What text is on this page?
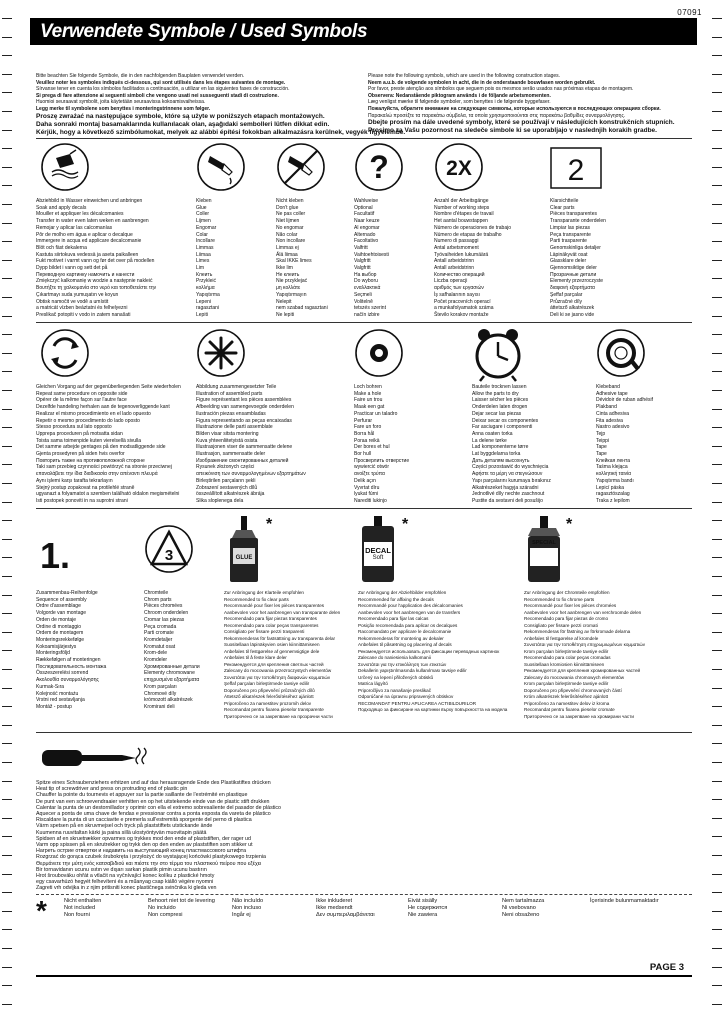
07091
Verwendete Symbole / Used Symbols

Bitte beachten Sie folgende Symbole, die in den nachfolgenden Bauplaten verwendet werden.

Veuillez noter les symboles indiqués ci-dessous, qui sont utilisés dans les étapes suivantes de montage.

Sírvanse tener en cuenta los símbolos facilitados a continuación, a utilizar en las siguientes fases de construcción.

Si prega di fare attenzione ai seguenti simboli che vengono usati nei susseguenti stadi di costruzione.

Huomioi seuraavat symbolit, joita käytetään seuraavissa kokoamisvaiheissa.

Legg merke til symbolene som benyttes i monteringstrinnene som følger.

Proszę zwrażać na następujące symbole, które są użyte w poniższych etapach montażowych.

Daha sonraki montaj basamaklarında kullanılacak olan, aşağıdaki sembolleri lütfen dikkat edin.

Kérjük, hogy a következő szimbólumokat, melyek az alábbi építési fokokban alkalmazásra kerülnek, vegyék figyelembe.

Please note the following symbols, which are used in the following construction stages.

Neem a.u.b. de volgende symbolen in acht, die in de onderstaande bouwfasen worden gebruikt.

Por favor, preste atenção aos símbolos que seguem pois os mesmos serão usados nas próximas etapas de montagem.

Observera: Nedanstående piktogram används i de följande arbetsmomenten.

Læg venligst mærke til følgende symboler, som benyttes i de følgende byggefaser.

Пожалуйста, обратите внимание на следующие символы, которые используются в последующих операциях сборки.

Παρακαλώ προσέξτε τα παρακάτω σύμβολα, τα οποία χρησιμοποιούνται στις παρακάτω βαθμίδες συναρμολόγησης.

Dbejte prosím na dále uvedené symboly, které se používají v následujících konstrukčních stupních.

Prosimo za Vašu pozornost na sledeče simbole ki se uporabljajo v naslednjih korakih gradbe.

?	2X	2
Abziehbild in Wasser einweichen und anbringen
Soak and apply decals
Mouiller et appliquer les décalcomanies
Transfer in water even laten weken en aanbrengen
Remojar y aplicar las calcomanías
Pôr de molho em água e aplicar o decalque
Immergere in acqua ed applicare decalcomanie
Blöt och fäst dekalerna
Kastuta siirtokuva vedessä ja aseta paikalleen
Fukt motivet i varmt vann og før det over på modellen
Dypp bildet i vann og sett det på
Переводную картинку намочить и нанести
Zmiękczyć kalkomanię w wodzie a następnie nakleić
Βουτήξτε τη χαλκομανία στο νερό και τοποθετείστε την
Çıkartmayı suda yumuşatın ve koyun
Obtisk namočit ve vodě a umístit
a matricát vízben beáztatni és felhelyezni
Preslikač potopiti v vodo in zatem nanašati
Kleben
Glue
Coller
Lijmen
Engomar
Colar
Incollare
Limmas
Liimaa
Limes
Lim
Клеить
Przykleić
κολλήμα
Yapıştırma
Lepeni
ragasztani
Lepiti
Nicht kleben
Don't glue
Ne pas coller
Niet lijmen
No engomar
Não colar
Non incollare
Limmas ej
Älä liimaa
Skal IKKE limes
Ikke lim
Не клеить
Nie przyklejać
μη κολλάτε
Yapıştırmayın
Nelepit
nem szabad ragasztani
Ne lepiti
Wahlweise
Optional
Facultatif
Naar keuze
Al engomar
Alternado
Facoltativo
Valfritt
Vaihtoehtoisesti
Valgfritt
Valgfritt
На выбор
Do wyboru
εναλλακτικά
Seçmeli
Volitelně
tetszés szerint
načín izbire
Anzahl der Arbeitsgänge
Number of working steps
Nombre d'étapes de travail
Het aantal bouwstappen
Número de operaciones de trabajo
Número de etapas de trabalho
Numero di passaggi
Antal arbetsmoment
Työvaiheiden lukumäärä
Antall arbeidstrinn
Antall arbeidstrinn
Количество операций
Liczba operacji
αριθμός των εργασιών
İş safhalarının sayısı
Počet pracovních operací
a munkafolyamatok száma
Število korakov montaže
Klarsichtteile
Clear parts
Pièces transparentes
Transparante onderdelen
Limpiar las piezas
Peça transparente
Parti trasparente
Genomskinliga detaljer
Läpinäkyvät osat
Glassklare deler
Gjennomsiktige deler
Прозрачные детали
Elementy przezroczyste
διαφανή εξαρτήματα
Şeffaf parçalar
Průzračné díly
áttetsző alkatrészek
Deli ki se jasno vide
Gleichen Vorgang auf der gegenüberliegenden Seite wiederholen
Repeat same procedure on opposite side
Opérer de la même façon sur l'autre face
Dezelfde handeling herhalen aan de tegenoverliggende kant
Realizar el mismo procedimiento en el lado opuesto
Repetir o mesmo procedimento do lado oposto
Stesso procedura sul lato opposto
Upprepa proceduren på motsatta sidan
Toista sama toimenpide kuten vierelsellä sivulla
Det samme arbejde gentages på den modsatliggende side
Gjenta prosedyren på siden hvis overfor
Повторить также на противоположной стороне
Taki sam przebieg czynności powtórzyć na stronie przeciwnej
επαναλάβετε την ίδια διαδικασία στην απέναντι πλευρά
Aynı işlemi karşı tarafta tekrarlayın
Stejný postup zopakovat na protilehlé straně
ugyanazt a folyamatot a szemben található oldalon megismételni
Isti postopek ponoviti in na suprotni strani
Abbildung zusammengesetzter Teile
Illustration of assembled parts
Figure représentant les pièces assemblées
Afbeelding van samengevoegde onderdelen
Ilustración piezas ensambladas
Figura representando as peças encaixadas
Illustrazione delle parti assemblate
Bilden visar sitsta montering
Kuva yhteenliitetyistä osista
Illustrasjonen viser de sammensatte delene
Illustrasjon, sammensatte deler
Изображение смонтированных деталей
Rysunek złożonych części
απεικόνιση των συναρμολογημένων εξαρτημάτων
Birleştirilen parçaların şekli
Zobrazení sestavených dílů
összeállított alkatrészek ábrája
Slika sloplenega dela
Loch bohren
Make a hole
Faire un trou
Maak een gat
Practicar un taladro
Perfurar
Fare un foro
Borra hål
Poraa reikä
Der bores et hul
Bor hull
Просверлить отверстие
wywiercić otwór
ανοίξτε τρύπα
Delik açın
Vyvrtat díru
lyukat fúrni
Narediti lukinjo
Bauteile trocknen lassen
Allow the parts to dry
Laisser sécher les pièces
Onderdelen laten drogen
Dejar secar las piezas
Deixar secar os componentes
Far asciugare i componenti
Anna osaten torka
La delene tørke
Lad komponenterne tørre
Lat byggdelarna torka
Дать деталям высохнуть
Części pozostawić do wyschnięcia
Αφήστε τα μέρη να στεγνώσουν
Yapı parçalarını kurumaya bırakınız
Alkatrészeket hagyja száradni
Jednotlivé díly nechte zaschnout
Pustite da sestavni deli posušijo
Klebeband
Adhesive tape
Dévidoir de ruban adhésif
Plakband
Cinta adhesiva
Fita adesiva
Nastro adesivo
Tejp
Teippi
Tape
Tape
Клейкая лента
Taśma klejąca
κολλητική ταινία
Yapıştırma bandı
Lepicí páska
ragasztószalag
Traka z lepilom
1.	3	GLUE
*
DECAL
Soft
*
SPECIAL
*
Zusammenbau-Reihenfolge
Sequence of assembly
Ordre d'assemblage
Volgorde van montage
Orden de montaje
Ordine di montaggio
Ordem de montagem
Monteringsrekkefølge
Kokoamisjärjestys
Monteringsföljd
Rækkefølgen af monteringen
Последовательность монтажа
Òsszeszerelési sorrend
Ακολουθία συναρμολόγησης
Kurmak-Sıra
Kolejność montażu
Vrstni red sestavljanja
Montáž - postup
Chromteile
Chrom parts
Pièces chromées
Chroom onderdelen
Cromar las piezas
Peça cromada
Parti cromate
Kromdetaljer
Kromatut osat
Krom-dele
Kromdeler
Хромированные детали
Elementy chromowane
επιχρυσμένα εξαρτήματα
Krom parçaları
Chromové díly
krómozott alkatrészek
Kromirani deli
Zur Anbringung der Klarteile empfohlen
Recommended to fix clear parts
Recommandé pour fixer les pièces transparentes
Aanbevolen voor het aanbrengen van transparante delen
Recomendado para fijar piezas transparentes
Recomendado para colar peças transparentes
Consigliato per fissare pezzi trasparenti
Rekommenderas för fastsättning av transparenta delar
Suositellaan läpinäkyvien osien kiinnittämiseen
Anbefales til festgørelse af gennemsigtige dele
Anbefales til å feste klare deler
Рекомендуется для крепления светлых частей
Zalecany do mocowania przezroczystych elementów
Συνιστάται για την τοποθέτηση διαφανών κομματιών
Şeffaf parçaları birleştirmede tavsiye edilir
Doporučeno pro připevnění průzračných dílů
Áttetsző alkatrészek felerősítéséhez ajánlott
Priporočeno za namestitev prozornih delov
Recomandat pentru fixarea pieselor transparente
Приторочено се за закрепване на прозрачни части
Zur Anbringung der Abziehbilder empfohlen
Recommended for affixing the decals
Recommandé pour l'application des décalcomanies
Aanbevolen voor het aanbrengen van de transfers
Recomendado para fijar las calcas
Posição recomendada para aplicar os decalques
Raccomandato per applicare le decalcomanie
Rekommenderas för montering av dekaler
Anbefales til påsætning og placering af decals
Рекомендуется использовать для фиксации переводных картинок
Zalecane do naniesienia kalkomanii
Συνιστάται για την επικόλληση των ετικετών
Dekallerin yapıştırılmasında kullanılması tavsiye edilir
Určený na lepení přiložených obtisků
Matrica lágyító
Priporočljivo za nanašanje preslikač
Odporúčané na úpravnu pripravených obtiskov
RECOMANDAT PENTRU APLICAREA ACTIBILDURILOR
Подходящо за фиксиране на картинки върху повърхността на модела
Zur Anbringung der Chromteile empfohlen
Recommended to fix chrome parts
Recommandé pour fixer les pièces chromées
Aanbevolen voor het aanbrengen van verchroomde delen
Recomendado para fijar piezas de cromo
Consigliato per fissare pezzi cromati
Rekommenderas för fästning av förkromade delarna
Anbefales til festgørelse af kromdele
Συνιστάται για την τοποθέτηση επιχρωμιωμένων κομματιών
Krom parçaları birleştirmede tavsiye edilir
Recomendado para colar peças cromadas
Suositellaan kromiosien kiinnittämiseen
Рекомендуется для крепления хромированных частей
Zalecany do mocowania chromowych elementów
Krom parçaları birleştirmede tavsiye edilir
Doporučeno pro připevnění chromovaných částí
Króm alkatrészek felerősítéséhez ajánlott
Priporočeno za namestitev delov iz kroma
Recomandat pentru fixarea pieselor cromate
Приторочено се за закрепване на хромирани части
Spitze eines Schraubenziehers erhitzen und auf das herausragende Ende des Plastikstiftes drücken
Heat tip of screwdriver and press on protruding end of plastic pin
Chauffer la pointe du tournevis et appuyer sur la partie saillante de l'extrémité en plastique
De punt van een schroevendraaier verhitten en op het uitstekende einde van de plastic stift drukken
Calentar la punta de un destornillador y oprimir con ella el extremo sobresaliente del pasador de plástico
Aquecer a ponta de uma chave de fendas e pressionar contra a ponta exposta da vareta de plástico
Riscaldare la punta di un cacciavite e premerla sull'estremità sporgente del perno di plastica
Värm spetsen på en skruvmejsel och tryck på plaststiftets utstickande ände
Kuumenna ruuvitaltan kärki ja paina sillä ulostyöntyvän muovitapin päätä
Spidsen af en skruetrækker opvarmes og trykkes mod den ende af plaststiften, der rager ud
Varm opp spissen på en skrutrekker og trykk den op den enden av plaststiften som stikker ut
Нагреть острие отвертки и надавить на выступающий конец пластмассового штифта
Rozgrzać do gorąca czubek śrubokręta i przyłożyć do wystającej końcówki plastykowego trzpienia
Θερμάνετε την μύτη ενός κατσαβιδιού και πιέστε την στο τέρμα του πλαστικού πείρου που εξέχει
Bir tornavidanın ucunu ısıtın ve dışarı sarkan plastik pimin ucunu bastırın
Hrot šroubováku ohřát a vtlačit na vyčnívající konec kolíku z plastické hmoty
egy csavarhúzó hegyét felhevíteni és a műanyag csap kiálló végére nyomni
Zagreti vrh odvijka in z njim pritisniti konec plastičnega svinčnika ki gleda ven
*	Nicht enthalten
Not included
Non fourni
Behoort niet tot de levering
No incluido
Non compresi
Não incluído
Non incluso
Ingår ej
Ikke inkluderet
Ikke medsendt
Δεν συμπεριλαμβάνεται
Eivät sisälly
Не содержится
Nie zawiera
Nem tartalmazza
Ni vsebovano
Neni obsaženo
İçerisinde bulunmamaktadır
PAGE 3
